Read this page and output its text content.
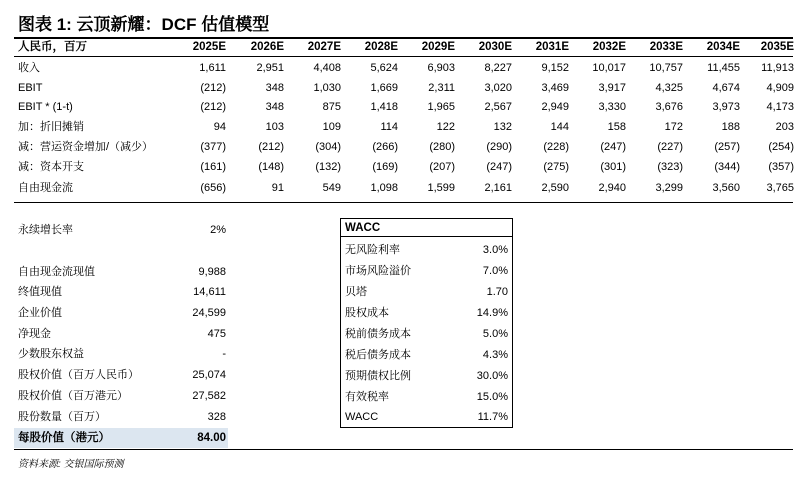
图表 1: 云顶新耀：DCF 估值模型
人民币，百万	2025E	2026E	2027E	2028E	2029E	2030E	2031E	2032E	2033E	2034E	2035E
收入	1,611	2,951	4,408	5,624	6,903	8,227	9,152	10,017	10,757	11,455	11,913
EBIT	(212)	348	1,030	1,669	2,311	3,020	3,469	3,917	4,325	4,674	4,909
EBIT * (1-t)	(212)	348	875	1,418	1,965	2,567	2,949	3,330	3,676	3,973	4,173
加：折旧摊销	94	103	109	114	122	132	144	158	172	188	203
减：营运资金增加/（减少）	(377)	(212)	(304)	(266)	(280)	(290)	(228)	(247)	(227)	(257)	(254)
减：资本开支	(161)	(148)	(132)	(169)	(207)	(247)	(275)	(301)	(323)	(344)	(357)
自由现金流	(656)	91	549	1,098	1,599	2,161	2,590	2,940	3,299	3,560	3,765
永续增长率	2%
自由现金流现值	9,988
终值现值	14,611
企业价值	24,599
净现金	475
少数股东权益	-
股权价值（百万人民币）	25,074
股权价值（百万港元）	27,582
股份数量（百万）	328
每股价值（港元）	84.00
WACC
无风险利率	3.0%
市场风险溢价	7.0%
贝塔	1.70
股权成本	14.9%
税前债务成本	5.0%
税后债务成本	4.3%
预期债权比例	30.0%
有效税率	15.0%
WACC	11.7%
资料来源: 交银国际预测
